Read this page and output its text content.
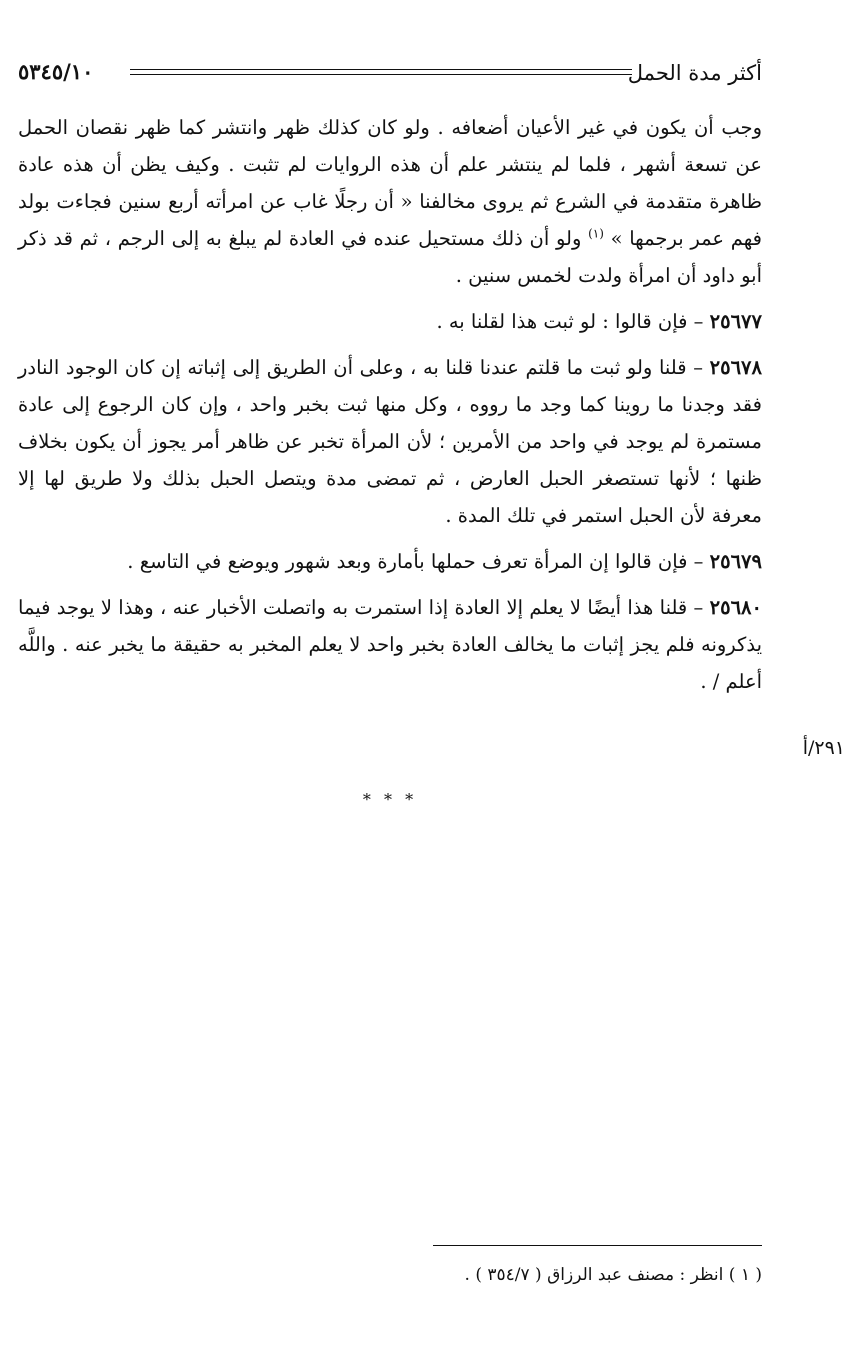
أكثر مدة الحمل
٥٣٤٥/١٠

وجب أن يكون في غير الأعيان أضعافه . ولو كان كذلك ظهر وانتشر كما ظهر نقصان الحمل عن تسعة أشهر ، فلما لم ينتشر علم أن هذه الروايات لم تثبت . وكيف يظن أن هذه عادة ظاهرة متقدمة في الشرع ثم يروى مخالفنا « أن رجلًا غاب عن امرأته أربع سنين فجاءت بولد فهم عمر برجمها » $^{(١)}$ ولو أن ذلك مستحيل عنده في العادة لم يبلغ به إلى الرجم ، ثم قد ذكر أبو داود أن امرأة ولدت لخمس سنين .

٢٥٦٧٧ – فإن قالوا : لو ثبت هذا لقلنا به .

٢٥٦٧٨ – قلنا ولو ثبت ما قلتم عندنا قلنا به ، وعلى أن الطريق إلى إثباته إن كان الوجود النادر فقد وجدنا ما روينا كما وجد ما رووه ، وكل منها ثبت بخبر واحد ، وإن كان الرجوع إلى عادة مستمرة لم يوجد في واحد من الأمرين ؛ لأن المرأة تخبر عن ظاهر أمر يجوز أن يكون بخلاف ظنها ؛ لأنها تستصغر الحبل العارض ، ثم تمضى مدة ويتصل الحبل بذلك ولا طريق لها إلا معرفة لأن الحبل استمر في تلك المدة .

٢٥٦٧٩ – فإن قالوا إن المرأة تعرف حملها بأمارة وبعد شهور ويوضع في التاسع .

٢٥٦٨٠ – قلنا هذا أيضًا لا يعلم إلا العادة إذا استمرت به واتصلت الأخبار عنه ، وهذا لا يوجد فيما يذكرونه فلم يجز إثبات ما يخالف العادة بخبر واحد لا يعلم المخبر به حقيقة ما يخبر عنه . واللَّه أعلم / .

٢٩١/أ
* * *
( ١ ) انظر : مصنف عبد الرزاق ( ٣٥٤/٧ ) .
